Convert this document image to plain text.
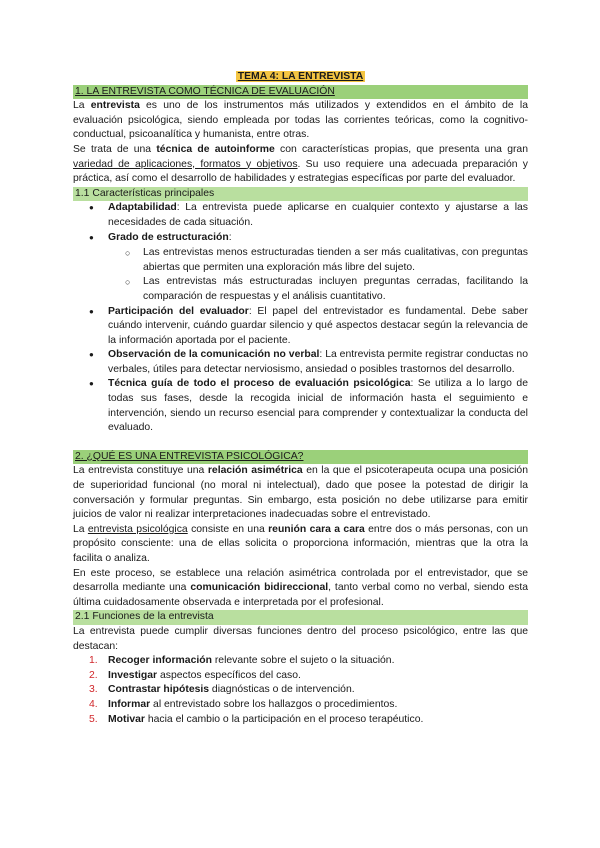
TEMA 4: LA ENTREVISTA

1. LA ENTREVISTA COMO TÉCNICA DE EVALUACIÓN

La entrevista es uno de los instrumentos más utilizados y extendidos en el ámbito de la evaluación psicológica, siendo empleada por todas las corrientes teóricas, como la cognitivo-conductual, psicoanalítica y humanista, entre otras.

Se trata de una técnica de autoinforme con características propias, que presenta una gran variedad de aplicaciones, formatos y objetivos. Su uso requiere una adecuada preparación y práctica, así como el desarrollo de habilidades y estrategias específicas por parte del evaluador.

1.1 Características principales

● Adaptabilidad: La entrevista puede aplicarse en cualquier contexto y ajustarse a las necesidades de cada situación.
● Grado de estructuración:
○ Las entrevistas menos estructuradas tienden a ser más cualitativas, con preguntas abiertas que permiten una exploración más libre del sujeto.
○ Las entrevistas más estructuradas incluyen preguntas cerradas, facilitando la comparación de respuestas y el análisis cuantitativo.
● Participación del evaluador: El papel del entrevistador es fundamental. Debe saber cuándo intervenir, cuándo guardar silencio y qué aspectos destacar según la relevancia de la información aportada por el paciente.
● Observación de la comunicación no verbal: La entrevista permite registrar conductas no verbales, útiles para detectar nerviosismo, ansiedad o posibles trastornos del desarrollo.
● Técnica guía de todo el proceso de evaluación psicológica: Se utiliza a lo largo de todas sus fases, desde la recogida inicial de información hasta el seguimiento e intervención, siendo un recurso esencial para comprender y contextualizar la conducta del evaluado.

2. ¿QUÉ ES UNA ENTREVISTA PSICOLÓGICA?

La entrevista constituye una relación asimétrica en la que el psicoterapeuta ocupa una posición de superioridad funcional (no moral ni intelectual), dado que posee la potestad de dirigir la conversación y formular preguntas. Sin embargo, esta posición no debe utilizarse para emitir juicios de valor ni realizar interpretaciones inadecuadas sobre el entrevistado.

La entrevista psicológica consiste en una reunión cara a cara entre dos o más personas, con un propósito consciente: una de ellas solicita o proporciona información, mientras que la otra la facilita o analiza.

En este proceso, se establece una relación asimétrica controlada por el entrevistador, que se desarrolla mediante una comunicación bidireccional, tanto verbal como no verbal, siendo esta última cuidadosamente observada e interpretada por el profesional.

2.1 Funciones de la entrevista

La entrevista puede cumplir diversas funciones dentro del proceso psicológico, entre las que destacan:

1. Recoger información relevante sobre el sujeto o la situación.
2. Investigar aspectos específicos del caso.
3. Contrastar hipótesis diagnósticas o de intervención.
4. Informar al entrevistado sobre los hallazgos o procedimientos.
5. Motivar hacia el cambio o la participación en el proceso terapéutico.
